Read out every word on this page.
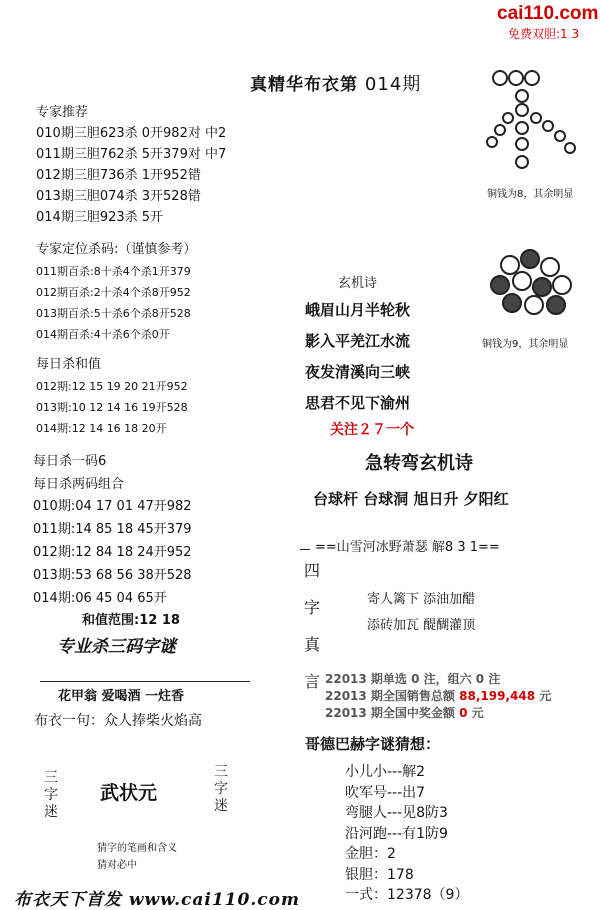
cai110.com
免费双胆:1 3
真精华布衣第 014期
专家推荐
010期三胆623杀 0开982对 中2
011期三胆762杀 5开379对 中7
012期三胆736杀 1开952错
013期三胆074杀 3开528错
014期三胆923杀 5开
专家定位杀码:（谨慎参考）
011期百杀:8十杀4个杀1开379
012期百杀:2十杀4个杀8开952
013期百杀:5十杀6个杀8开528
014期百杀:4十杀6个杀0开
每日杀和值
012期:12 15 19 20 21开952
013期:10 12 14 16 19开528
014期:12 14 16 18 20开
每日杀一码6
每日杀两码组合
010期:04 17 01 47开982
011期:14 85 18 45开379
012期:12 84 18 24开952
013期:53 68 56 38开528
014期:06 45 04 65开
和值范围:12 18
专业杀三码字谜
花甲翁 爱喝酒 一炷香
布衣一句：众人捧柴火焰高
三字迷
武状元
三字迷
猜字的笔画和含义
猜对必中
布衣天下首发 www.cai110.com
铜钱为8，其余明显
铜钱为9，其余明显
玄机诗
峨眉山月半轮秋
影入平羌江水流
夜发清溪向三峡
思君不见下渝州
关注２７一个
急转弯玄机诗
台球杆 台球洞 旭日升 夕阳红
==山雪河冰野萧瑟 解8 3 1==
四字真言
寄人篱下 添油加醋
添砖加瓦 醍醐灌顶
22013 期单选 0 注，组六 0 注
22013 期全国销售总额 88,199,448 元
22013 期全国中奖金额 0 元
哥德巴赫字谜猜想：
小儿小---解2
吹军号---出7
弯腿人---见8防3
沿河跑---有1防9
金胆：2
银胆：178
一式：12378（9）
